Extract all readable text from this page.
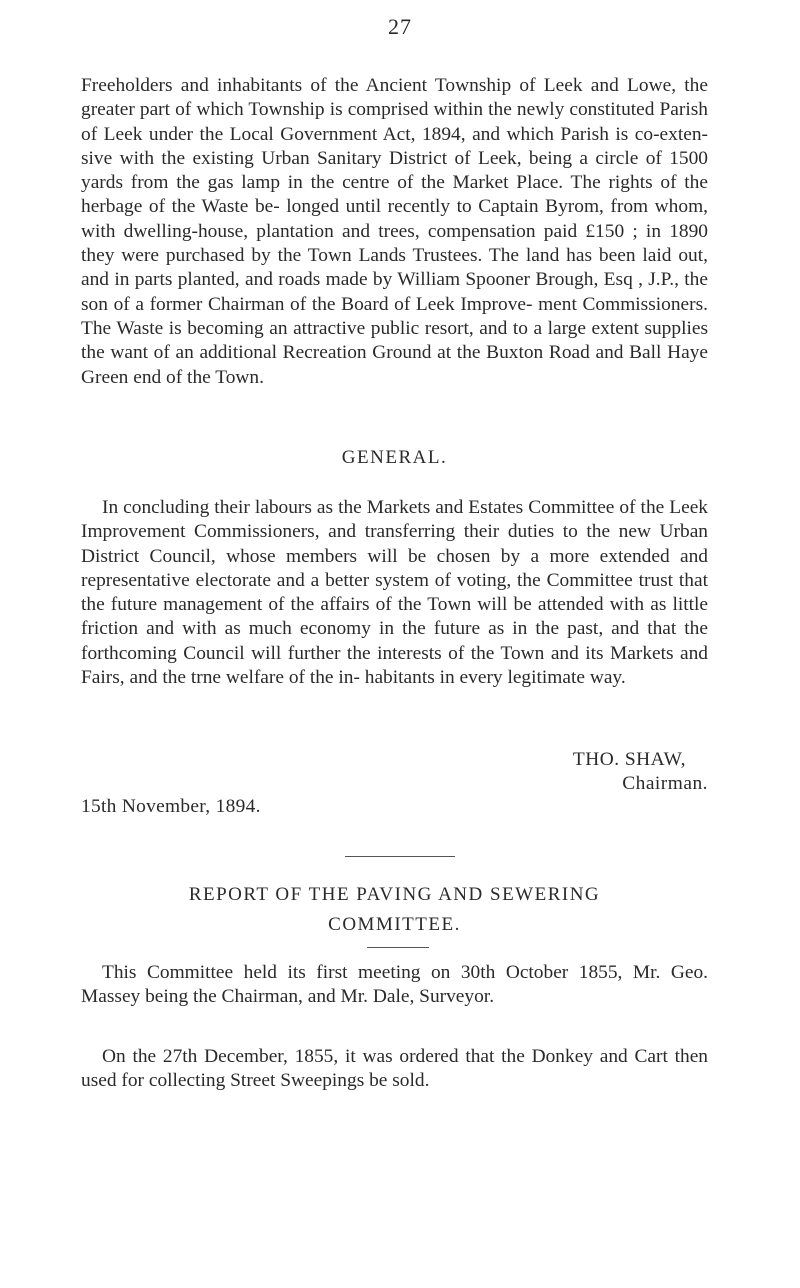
27

Freeholders and inhabitants of the Ancient Township of Leek and Lowe, the greater part of which Township is comprised within the newly constituted Parish of Leek under the Local Government Act, 1894, and which Parish is co-exten- sive with the existing Urban Sanitary District of Leek, being a circle of 1500 yards from the gas lamp in the centre of the Market Place. The rights of the herbage of the Waste be- longed until recently to Captain Byrom, from whom, with dwelling-house, plantation and trees, compensation paid £150 ; in 1890 they were purchased by the Town Lands Trustees. The land has been laid out, and in parts planted, and roads made by William Spooner Brough, Esq , J.P., the son of a former Chairman of the Board of Leek Improve- ment Commissioners. The Waste is becoming an attractive public resort, and to a large extent supplies the want of an additional Recreation Ground at the Buxton Road and Ball Haye Green end of the Town.

GENERAL.

In concluding their labours as the Markets and Estates Committee of the Leek Improvement Commissioners, and transferring their duties to the new Urban District Council, whose members will be chosen by a more extended and representative electorate and a better system of voting, the Committee trust that the future management of the affairs of the Town will be attended with as little friction and with as much economy in the future as in the past, and that the forthcoming Council will further the interests of the Town and its Markets and Fairs, and the trne welfare of the in- habitants in every legitimate way.

THO. SHAW,
Chairman.
15th November, 1894.

REPORT OF THE PAVING AND SEWERING

COMMITTEE.

This Committee held its first meeting on 30th October 1855, Mr. Geo. Massey being the Chairman, and Mr. Dale, Surveyor.

On the 27th December, 1855, it was ordered that the Donkey and Cart then used for collecting Street Sweepings be sold.
